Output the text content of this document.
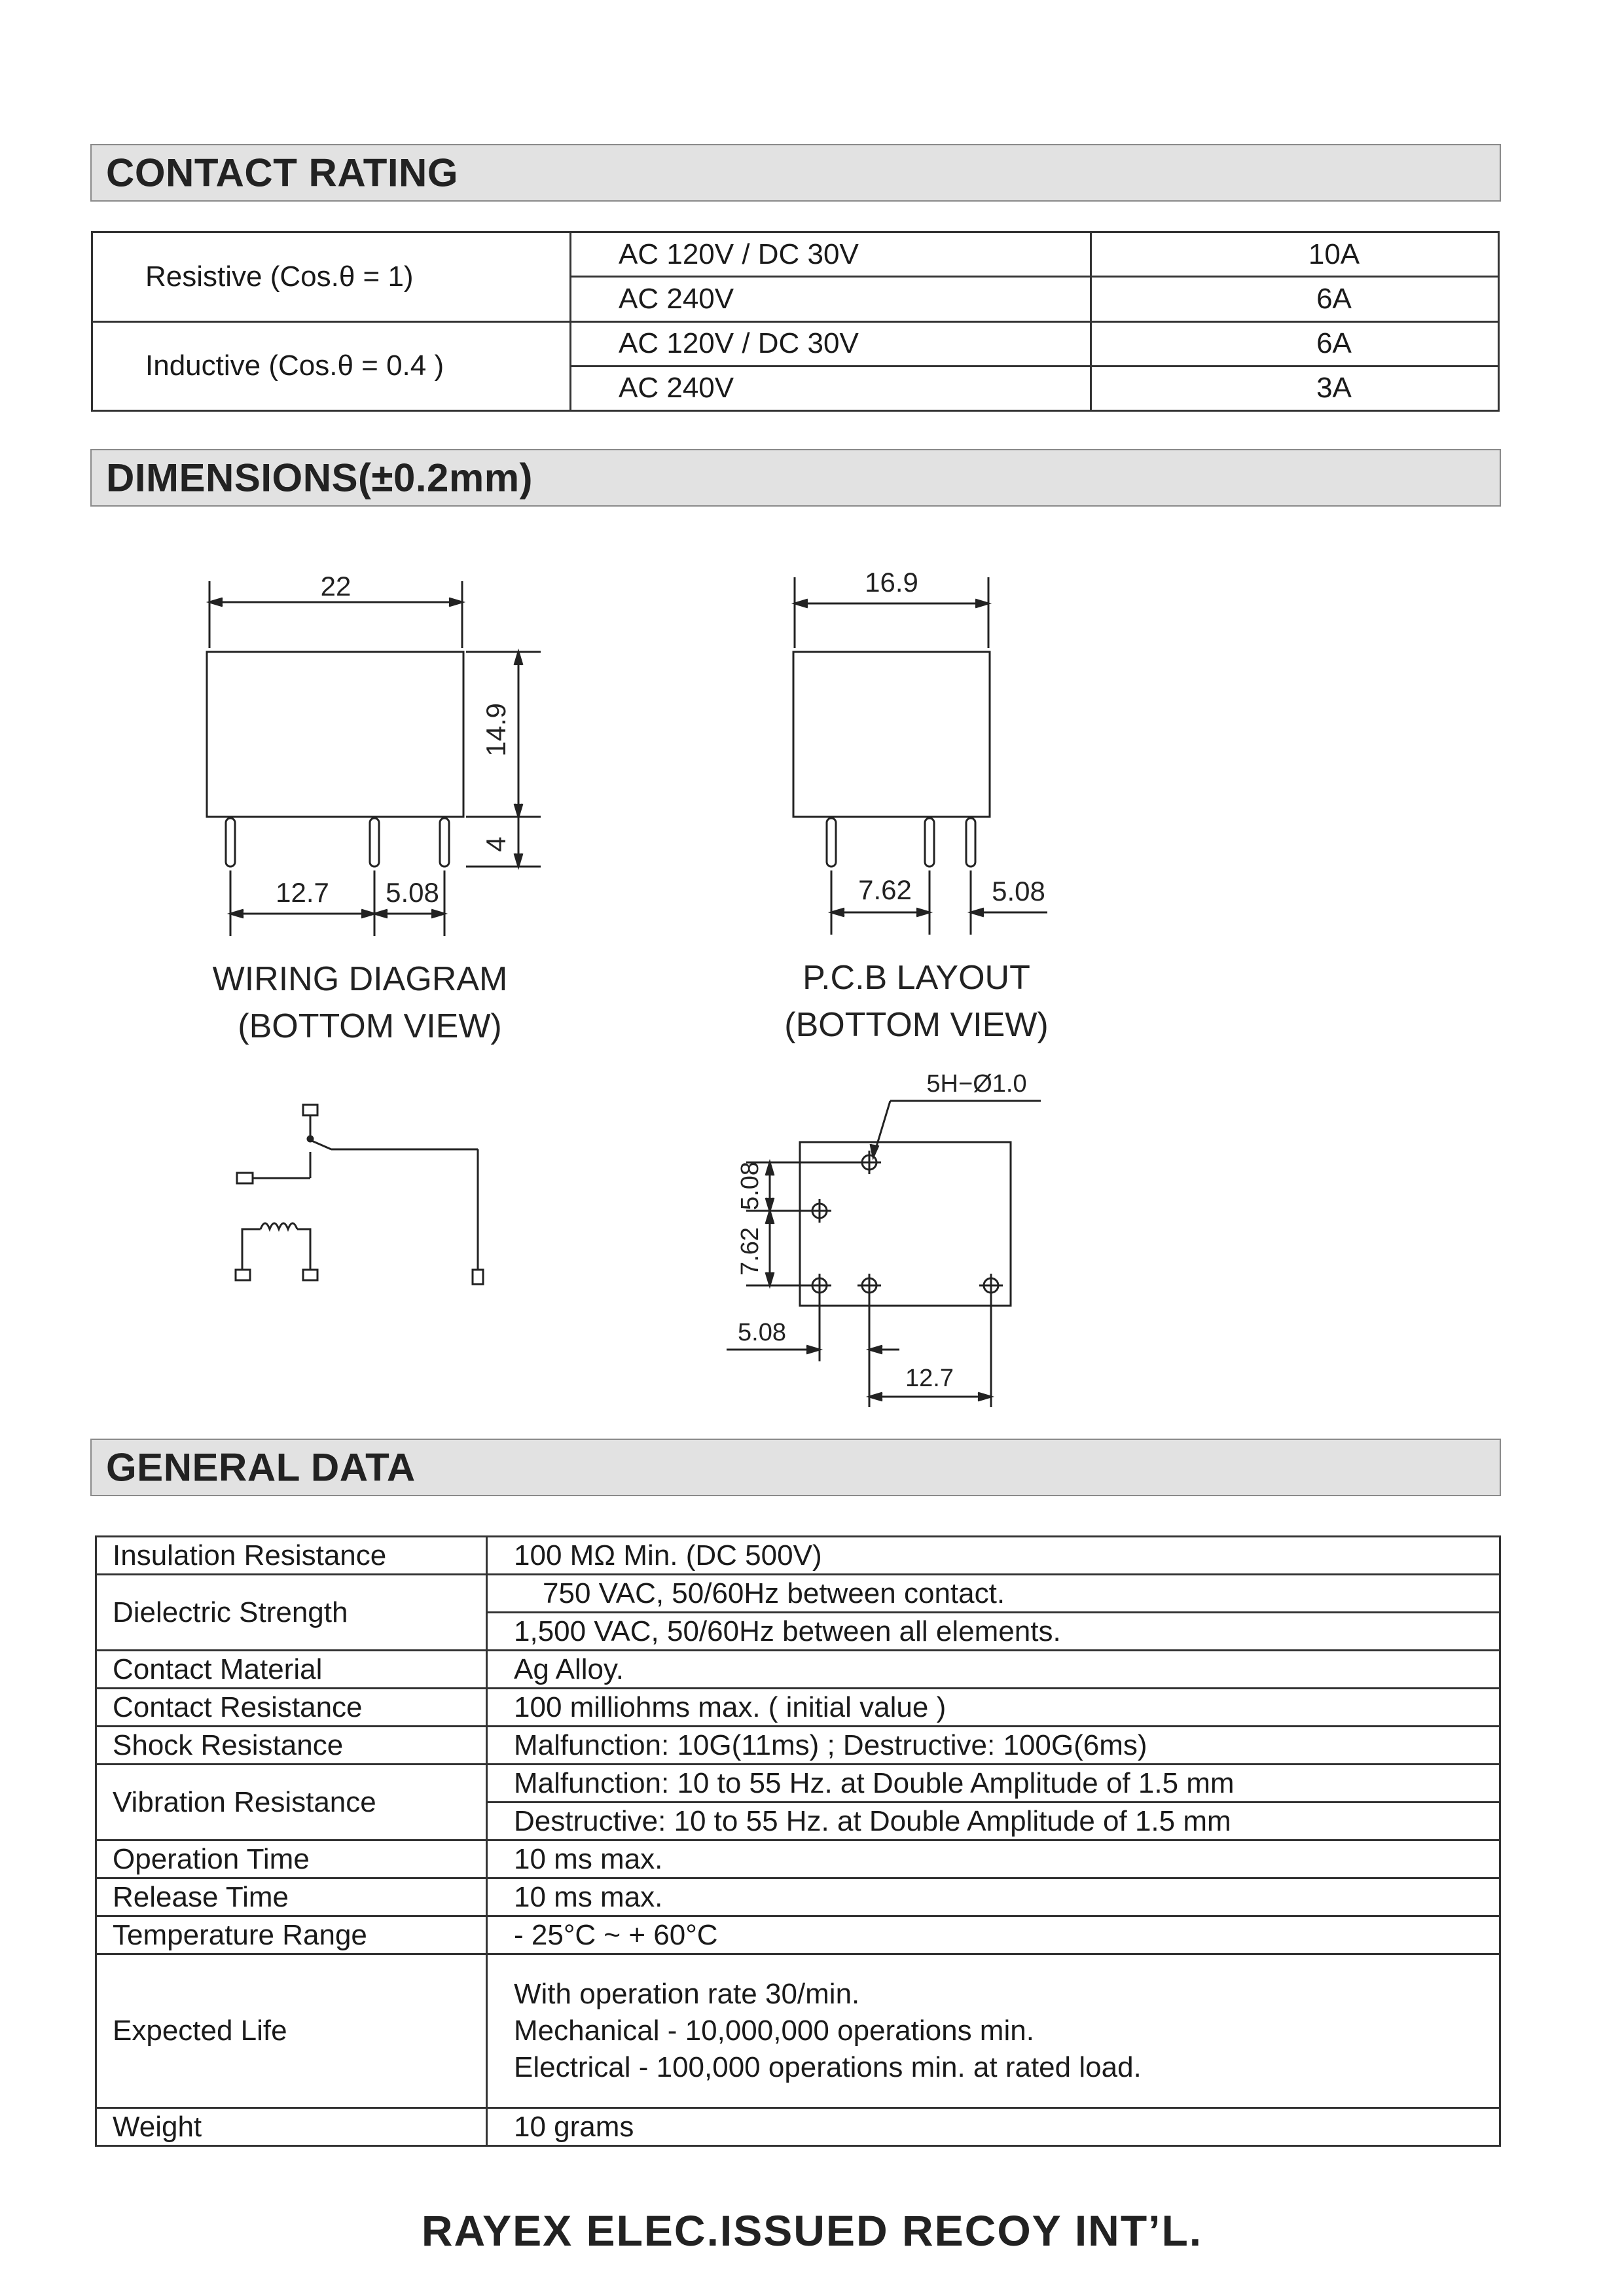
CONTACT RATING
Resistive (Cos.θ = 1)	AC 120V / DC 30V	10A
	AC 240V	6A
Inductive (Cos.θ = 0.4 )	AC 120V / DC 30V	6A
	AC 240V	3A
DIMENSIONS(±0.2mm)
22
12.7 5.08
14.9
4
16.9
7.62	5.08
5H−Ø1.0
5.08
7.62
5.08
12.7
WIRING DIAGRAM
(BOTTOM VIEW)
P.C.B LAYOUT
(BOTTOM VIEW)
GENERAL DATA
Insulation Resistance	100 MΩ Min. (DC 500V)
Dielectric Strength	750 VAC, 50/60Hz between contact.
	1,500 VAC, 50/60Hz between all elements.
Contact Material	Ag Alloy.
Contact Resistance	100 milliohms max. ( initial value )
Shock Resistance	Malfunction: 10G(11ms) ; Destructive: 100G(6ms)
Vibration Resistance	Malfunction: 10 to 55 Hz. at Double Amplitude of 1.5 mm
	Destructive: 10 to 55 Hz. at Double Amplitude of 1.5 mm
Operation Time	10 ms max.
Release Time	10 ms max.
Temperature Range	- 25°C ~ + 60°C
Expected Life	With operation rate 30/min.
Mechanical - 10,000,000 operations min.
Electrical - 100,000 operations min. at rated load.

Weight	10 grams
RAYEX ELEC.ISSUED RECOY INT’L.
